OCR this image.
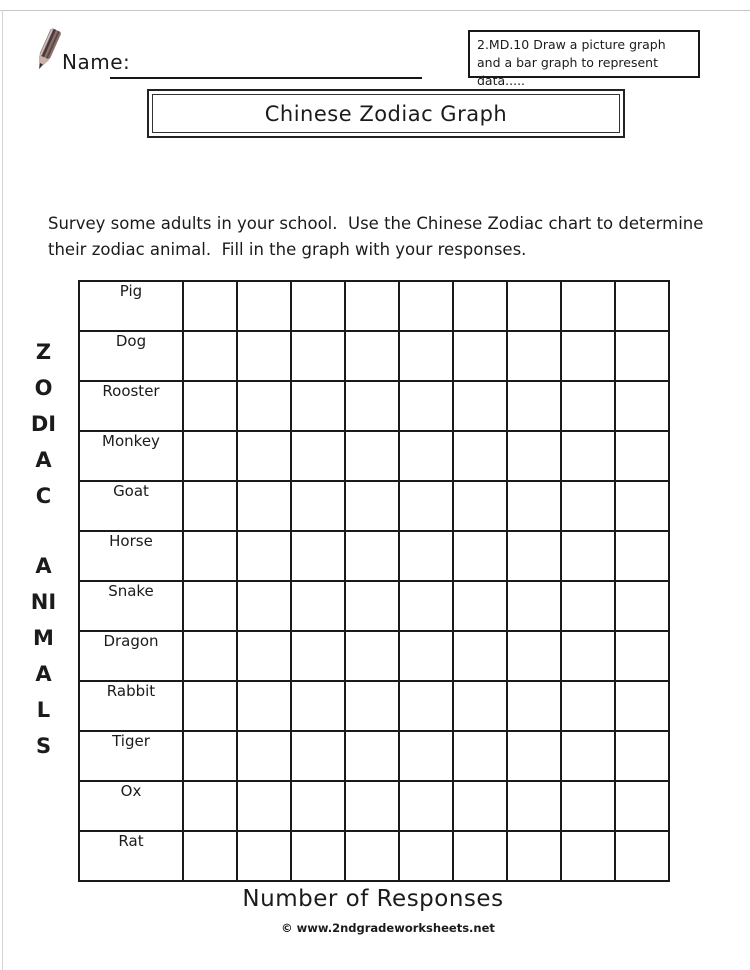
Name:
2.MD.10 Draw a picture graph and a bar graph to represent data.....
Chinese Zodiac Graph
Survey some adults in your school.  Use the Chinese Zodiac chart to determine their zodiac animal.  Fill in the graph with your responses.
ZODIAC
ANIMALS
Pig									
Dog									
Rooster									
Monkey									
Goat									
Horse									
Snake									
Dragon									
Rabbit									
Tiger									
Ox									
Rat									
Number of Responses
© www.2ndgradeworksheets.net
